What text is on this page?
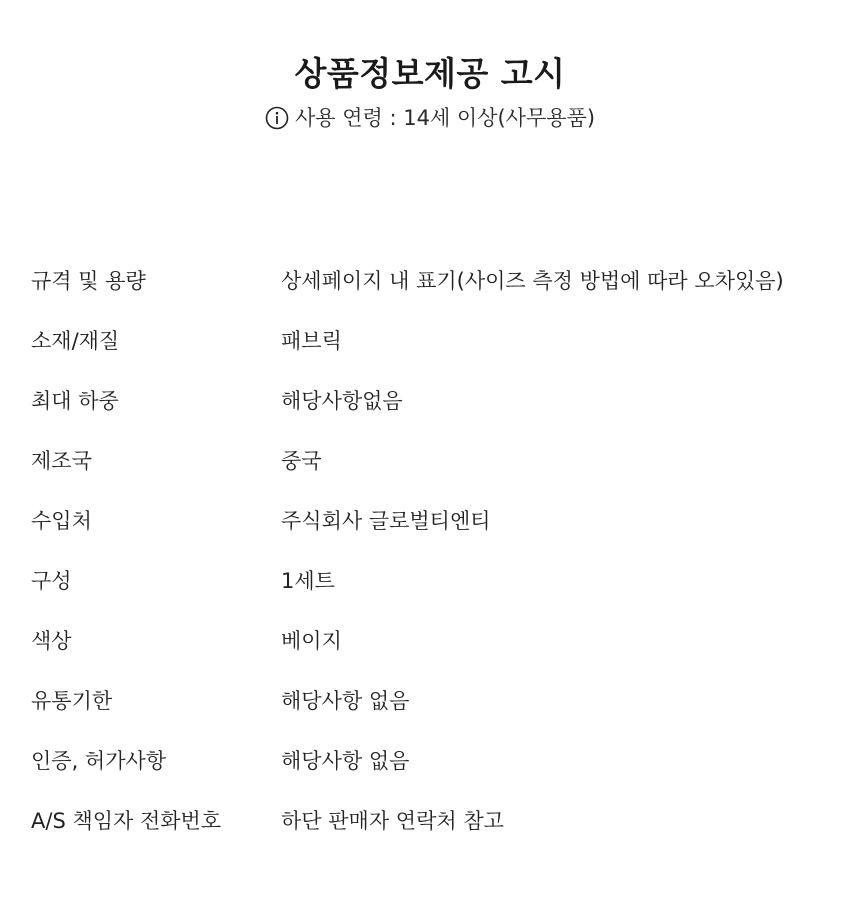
상품정보제공 고시
사용 연령 : 14세 이상(사무용품)
규격 및 용량	상세페이지 내 표기(사이즈 측정 방법에 따라 오차있음)
소재/재질	패브릭
최대 하중	해당사항없음
제조국	중국
수입처	주식회사 글로벌티엔티
구성	1세트
색상	베이지
유통기한	해당사항 없음
인증, 허가사항	해당사항 없음
A/S 책임자 전화번호	하단 판매자 연락처 참고
